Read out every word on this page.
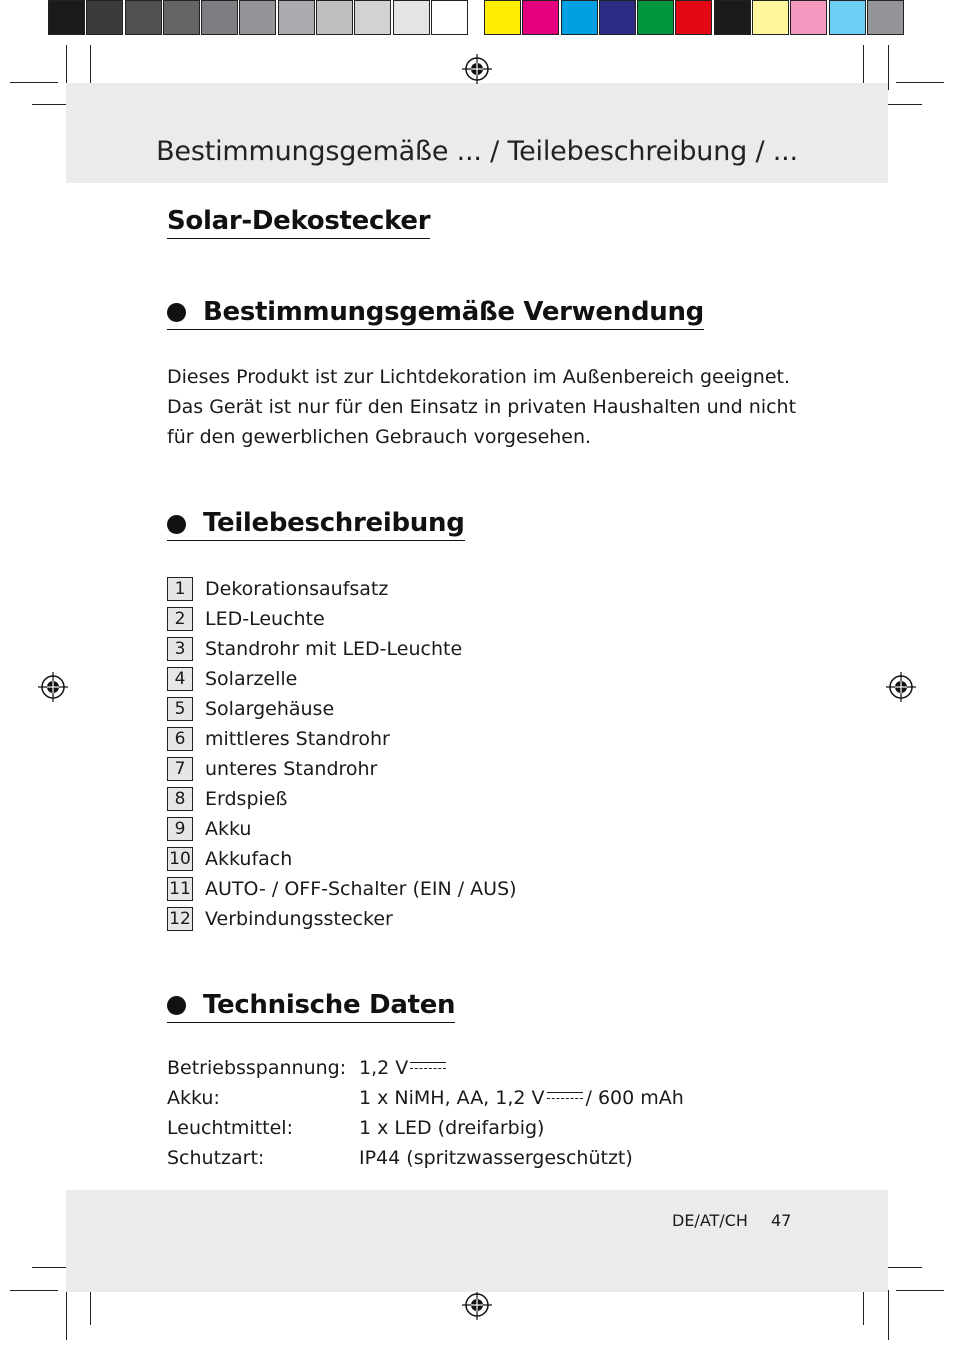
Bestimmungsgemäße ... / Teilebeschreibung / ...
Solar-Dekostecker
Bestimmungsgemäße Verwendung
Dieses Produkt ist zur Lichtdekoration im Außenbereich geeignet.
Das Gerät ist nur für den Einsatz in privaten Haushalten und nicht
für den gewerblichen Gebrauch vorgesehen.
Teilebeschreibung
1	Dekorationsaufsatz
2	LED-Leuchte
3	Standrohr mit LED-Leuchte
4	Solarzelle
5	Solargehäuse
6	mittleres Standrohr
7	unteres Standrohr
8	Erdspieß
9	Akku
10 Akkufach
11 AUTO- / OFF-Schalter (EIN / AUS)
12 Verbindungsstecker
Technische Daten
Betriebsspannung: 1,2 V
Akku:	1 x NiMH, AA, 1,2 V / 600 mAh
Leuchtmittel:	1 x LED (dreifarbig)
Schutzart:	IP44 (spritzwassergeschützt)
DE/AT/CH 47
